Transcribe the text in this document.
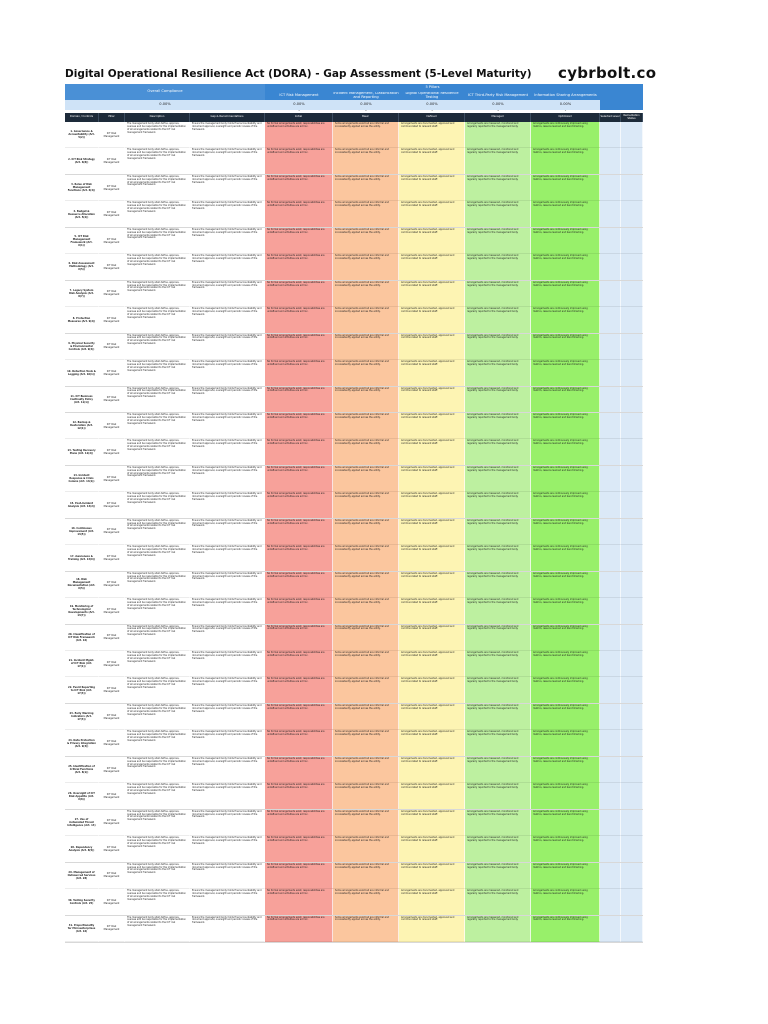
Digital Operational Resilience Act (DORA) - Gap Assessment (5-Level Maturity) cybrbolt.co
Overall Compliance
5 Pillars
ICT Risk Management	Incident Management, Classification and Reporting
Digital Operational Resilience Testing	ICT Third-Party Risk Management	Information Sharing Arrangements
0.00%	0.00%	0.00%	0.00%	0.00%	0.00%
1	2	3	4	5
Domain / Controls	Pillar	Description	Gap & Recommendations	Initial	Basic	Defined	Managed	Optimized	Selected Level	Remediation Status
1. Governance & Accountability (Art. 5(2))
ICT Risk Management
The management body shall define, approve, oversee and be responsible for the implementation of all arrangements related to the ICT risk management framework.
Ensure the management body holds final accountability and document approval, oversight and periodic review of the framework.
No formal arrangements exist; responsibilities are undefined and activities are ad hoc.
Some arrangements exist but are informal and inconsistently applied across the entity.
Arrangements are documented, approved and communicated to relevant staff.
Arrangements are measured, monitored and regularly reported to the management body.
Arrangements are continuously improved using metrics, lessons learned and benchmarking.
2. ICT Risk Strategy (Art. 6(8))
ICT Risk Management
The management body shall define, approve, oversee and be responsible for the implementation of all arrangements related to the ICT risk management framework.
Ensure the management body holds final accountability and document approval, oversight and periodic review of the framework.
No formal arrangements exist; responsibilities are undefined and activities are ad hoc.
Some arrangements exist but are informal and inconsistently applied across the entity.
Arrangements are documented, approved and communicated to relevant staff.
Arrangements are measured, monitored and regularly reported to the management body.
Arrangements are continuously improved using metrics, lessons learned and benchmarking.
3. Roles of Risk Management Functions (Art. 6(4))
ICT Risk Management
The management body shall define, approve, oversee and be responsible for the implementation of all arrangements related to the ICT risk management framework.
Ensure the management body holds final accountability and document approval, oversight and periodic review of the framework.
No formal arrangements exist; responsibilities are undefined and activities are ad hoc.
Some arrangements exist but are informal and inconsistently applied across the entity.
Arrangements are documented, approved and communicated to relevant staff.
Arrangements are measured, monitored and regularly reported to the management body.
Arrangements are continuously improved using metrics, lessons learned and benchmarking.
4. Budget & Resource Allocation (Art. 5(2))
ICT Risk Management
The management body shall define, approve, oversee and be responsible for the implementation of all arrangements related to the ICT risk management framework.
Ensure the management body holds final accountability and document approval, oversight and periodic review of the framework.
No formal arrangements exist; responsibilities are undefined and activities are ad hoc.
Some arrangements exist but are informal and inconsistently applied across the entity.
Arrangements are documented, approved and communicated to relevant staff.
Arrangements are measured, monitored and regularly reported to the management body.
Arrangements are continuously improved using metrics, lessons learned and benchmarking.
5. ICT Risk Management Framework (Art. 6(1))
ICT Risk Management
The management body shall define, approve, oversee and be responsible for the implementation of all arrangements related to the ICT risk management framework.
Ensure the management body holds final accountability and document approval, oversight and periodic review of the framework.
No formal arrangements exist; responsibilities are undefined and activities are ad hoc.
Some arrangements exist but are informal and inconsistently applied across the entity.
Arrangements are documented, approved and communicated to relevant staff.
Arrangements are measured, monitored and regularly reported to the management body.
Arrangements are continuously improved using metrics, lessons learned and benchmarking.
6. Risk Assessment Methodology (Art. 6(5))
ICT Risk Management
The management body shall define, approve, oversee and be responsible for the implementation of all arrangements related to the ICT risk management framework.
Ensure the management body holds final accountability and document approval, oversight and periodic review of the framework.
No formal arrangements exist; responsibilities are undefined and activities are ad hoc.
Some arrangements exist but are informal and inconsistently applied across the entity.
Arrangements are documented, approved and communicated to relevant staff.
Arrangements are measured, monitored and regularly reported to the management body.
Arrangements are continuously improved using metrics, lessons learned and benchmarking.
7. Legacy System Risk Analysis (Art. 8(7))
ICT Risk Management
The management body shall define, approve, oversee and be responsible for the implementation of all arrangements related to the ICT risk management framework.
Ensure the management body holds final accountability and document approval, oversight and periodic review of the framework.
No formal arrangements exist; responsibilities are undefined and activities are ad hoc.
Some arrangements exist but are informal and inconsistently applied across the entity.
Arrangements are documented, approved and communicated to relevant staff.
Arrangements are measured, monitored and regularly reported to the management body.
Arrangements are continuously improved using metrics, lessons learned and benchmarking.
8. Protection Measures (Art. 9(2))
ICT Risk Management
The management body shall define, approve, oversee and be responsible for the implementation of all arrangements related to the ICT risk management framework.
Ensure the management body holds final accountability and document approval, oversight and periodic review of the framework.
No formal arrangements exist; responsibilities are undefined and activities are ad hoc.
Some arrangements exist but are informal and inconsistently applied across the entity.
Arrangements are documented, approved and communicated to relevant staff.
Arrangements are measured, monitored and regularly reported to the management body.
Arrangements are continuously improved using metrics, lessons learned and benchmarking.
9. Physical Security & Environmental Controls (Art. 9(4))
ICT Risk Management
The management body shall define, approve, oversee and be responsible for the implementation of all arrangements related to the ICT risk management framework.
Ensure the management body holds final accountability and document approval, oversight and periodic review of the framework.
No formal arrangements exist; responsibilities are undefined and activities are ad hoc.
Some arrangements exist but are informal and inconsistently applied across the entity.
Arrangements are documented, approved and communicated to relevant staff.
Arrangements are measured, monitored and regularly reported to the management body.
Arrangements are continuously improved using metrics, lessons learned and benchmarking.
10. Detection Tools & Logging (Art. 10(1))
ICT Risk Management
The management body shall define, approve, oversee and be responsible for the implementation of all arrangements related to the ICT risk management framework.
Ensure the management body holds final accountability and document approval, oversight and periodic review of the framework.
No formal arrangements exist; responsibilities are undefined and activities are ad hoc.
Some arrangements exist but are informal and inconsistently applied across the entity.
Arrangements are documented, approved and communicated to relevant staff.
Arrangements are measured, monitored and regularly reported to the management body.
Arrangements are continuously improved using metrics, lessons learned and benchmarking.
11. ICT Business Continuity Policy (Art. 11(1))
ICT Risk Management
The management body shall define, approve, oversee and be responsible for the implementation of all arrangements related to the ICT risk management framework.
Ensure the management body holds final accountability and document approval, oversight and periodic review of the framework.
No formal arrangements exist; responsibilities are undefined and activities are ad hoc.
Some arrangements exist but are informal and inconsistently applied across the entity.
Arrangements are documented, approved and communicated to relevant staff.
Arrangements are measured, monitored and regularly reported to the management body.
Arrangements are continuously improved using metrics, lessons learned and benchmarking.
12. Backup & Restoration (Art. 12(1))
ICT Risk Management
The management body shall define, approve, oversee and be responsible for the implementation of all arrangements related to the ICT risk management framework.
Ensure the management body holds final accountability and document approval, oversight and periodic review of the framework.
No formal arrangements exist; responsibilities are undefined and activities are ad hoc.
Some arrangements exist but are informal and inconsistently applied across the entity.
Arrangements are documented, approved and communicated to relevant staff.
Arrangements are measured, monitored and regularly reported to the management body.
Arrangements are continuously improved using metrics, lessons learned and benchmarking.
13. Testing Recovery Plans (Art. 12(2))
ICT Risk Management
The management body shall define, approve, oversee and be responsible for the implementation of all arrangements related to the ICT risk management framework.
Ensure the management body holds final accountability and document approval, oversight and periodic review of the framework.
No formal arrangements exist; responsibilities are undefined and activities are ad hoc.
Some arrangements exist but are informal and inconsistently applied across the entity.
Arrangements are documented, approved and communicated to relevant staff.
Arrangements are measured, monitored and regularly reported to the management body.
Arrangements are continuously improved using metrics, lessons learned and benchmarking.
14. Incident Response & Crisis Comms (Art. 14(1))
ICT Risk Management
The management body shall define, approve, oversee and be responsible for the implementation of all arrangements related to the ICT risk management framework.
Ensure the management body holds final accountability and document approval, oversight and periodic review of the framework.
No formal arrangements exist; responsibilities are undefined and activities are ad hoc.
Some arrangements exist but are informal and inconsistently applied across the entity.
Arrangements are documented, approved and communicated to relevant staff.
Arrangements are measured, monitored and regularly reported to the management body.
Arrangements are continuously improved using metrics, lessons learned and benchmarking.
15. Post-Incident Analysis (Art. 13(2))
ICT Risk Management
The management body shall define, approve, oversee and be responsible for the implementation of all arrangements related to the ICT risk management framework.
Ensure the management body holds final accountability and document approval, oversight and periodic review of the framework.
No formal arrangements exist; responsibilities are undefined and activities are ad hoc.
Some arrangements exist but are informal and inconsistently applied across the entity.
Arrangements are documented, approved and communicated to relevant staff.
Arrangements are measured, monitored and regularly reported to the management body.
Arrangements are continuously improved using metrics, lessons learned and benchmarking.
16. Continuous Improvement (Art. 13(5))
ICT Risk Management
The management body shall define, approve, oversee and be responsible for the implementation of all arrangements related to the ICT risk management framework.
Ensure the management body holds final accountability and document approval, oversight and periodic review of the framework.
No formal arrangements exist; responsibilities are undefined and activities are ad hoc.
Some arrangements exist but are informal and inconsistently applied across the entity.
Arrangements are documented, approved and communicated to relevant staff.
Arrangements are measured, monitored and regularly reported to the management body.
Arrangements are continuously improved using metrics, lessons learned and benchmarking.
17. Awareness & Training (Art. 13(6))
ICT Risk Management
The management body shall define, approve, oversee and be responsible for the implementation of all arrangements related to the ICT risk management framework.
Ensure the management body holds final accountability and document approval, oversight and periodic review of the framework.
No formal arrangements exist; responsibilities are undefined and activities are ad hoc.
Some arrangements exist but are informal and inconsistently applied across the entity.
Arrangements are documented, approved and communicated to relevant staff.
Arrangements are measured, monitored and regularly reported to the management body.
Arrangements are continuously improved using metrics, lessons learned and benchmarking.
18. Risk Management Documentation (Art. 6(5))
ICT Risk Management
The management body shall define, approve, oversee and be responsible for the implementation of all arrangements related to the ICT risk management framework.
Ensure the management body holds final accountability and document approval, oversight and periodic review of the framework.
No formal arrangements exist; responsibilities are undefined and activities are ad hoc.
Some arrangements exist but are informal and inconsistently applied across the entity.
Arrangements are documented, approved and communicated to relevant staff.
Arrangements are measured, monitored and regularly reported to the management body.
Arrangements are continuously improved using metrics, lessons learned and benchmarking.
19. Monitoring of Technological Developments (Art. 13(7))
ICT Risk Management
The management body shall define, approve, oversee and be responsible for the implementation of all arrangements related to the ICT risk management framework.
Ensure the management body holds final accountability and document approval, oversight and periodic review of the framework.
No formal arrangements exist; responsibilities are undefined and activities are ad hoc.
Some arrangements exist but are informal and inconsistently applied across the entity.
Arrangements are documented, approved and communicated to relevant staff.
Arrangements are measured, monitored and regularly reported to the management body.
Arrangements are continuously improved using metrics, lessons learned and benchmarking.
20. Classification of ICT Risk Framework (Art. 16)
ICT Risk Management
The management body shall define, approve, oversee and be responsible for the implementation of all arrangements related to the ICT risk management framework.
Ensure the management body holds final accountability and document approval, oversight and periodic review of the framework.
No formal arrangements exist; responsibilities are undefined and activities are ad hoc.
Some arrangements exist but are informal and inconsistently applied across the entity.
Arrangements are documented, approved and communicated to relevant staff.
Arrangements are measured, monitored and regularly reported to the management body.
Arrangements are continuously improved using metrics, lessons learned and benchmarking.
21. Incident Mgmt. of ICT Risk (Art. 17(1))
ICT Risk Management
The management body shall define, approve, oversee and be responsible for the implementation of all arrangements related to the ICT risk management framework.
Ensure the management body holds final accountability and document approval, oversight and periodic review of the framework.
No formal arrangements exist; responsibilities are undefined and activities are ad hoc.
Some arrangements exist but are informal and inconsistently applied across the entity.
Arrangements are documented, approved and communicated to relevant staff.
Arrangements are measured, monitored and regularly reported to the management body.
Arrangements are continuously improved using metrics, lessons learned and benchmarking.
22. Event Reporting to ICT Risk (Art. 17(3))
ICT Risk Management
The management body shall define, approve, oversee and be responsible for the implementation of all arrangements related to the ICT risk management framework.
Ensure the management body holds final accountability and document approval, oversight and periodic review of the framework.
No formal arrangements exist; responsibilities are undefined and activities are ad hoc.
Some arrangements exist but are informal and inconsistently applied across the entity.
Arrangements are documented, approved and communicated to relevant staff.
Arrangements are measured, monitored and regularly reported to the management body.
Arrangements are continuously improved using metrics, lessons learned and benchmarking.
23. Early Warning Indicators (Art. 17(3))
ICT Risk Management
The management body shall define, approve, oversee and be responsible for the implementation of all arrangements related to the ICT risk management framework.
Ensure the management body holds final accountability and document approval, oversight and periodic review of the framework.
No formal arrangements exist; responsibilities are undefined and activities are ad hoc.
Some arrangements exist but are informal and inconsistently applied across the entity.
Arrangements are documented, approved and communicated to relevant staff.
Arrangements are measured, monitored and regularly reported to the management body.
Arrangements are continuously improved using metrics, lessons learned and benchmarking.
24. Data Protection & Privacy Integration (Art. 9(3))
ICT Risk Management
The management body shall define, approve, oversee and be responsible for the implementation of all arrangements related to the ICT risk management framework.
Ensure the management body holds final accountability and document approval, oversight and periodic review of the framework.
No formal arrangements exist; responsibilities are undefined and activities are ad hoc.
Some arrangements exist but are informal and inconsistently applied across the entity.
Arrangements are documented, approved and communicated to relevant staff.
Arrangements are measured, monitored and regularly reported to the management body.
Arrangements are continuously improved using metrics, lessons learned and benchmarking.
25. Identification of Critical Functions (Art. 8(1))
ICT Risk Management
The management body shall define, approve, oversee and be responsible for the implementation of all arrangements related to the ICT risk management framework.
Ensure the management body holds final accountability and document approval, oversight and periodic review of the framework.
No formal arrangements exist; responsibilities are undefined and activities are ad hoc.
Some arrangements exist but are informal and inconsistently applied across the entity.
Arrangements are documented, approved and communicated to relevant staff.
Arrangements are measured, monitored and regularly reported to the management body.
Arrangements are continuously improved using metrics, lessons learned and benchmarking.
26. Oversight of ICT Risk Appetite (Art. 6(8))
ICT Risk Management
The management body shall define, approve, oversee and be responsible for the implementation of all arrangements related to the ICT risk management framework.
Ensure the management body holds final accountability and document approval, oversight and periodic review of the framework.
No formal arrangements exist; responsibilities are undefined and activities are ad hoc.
Some arrangements exist but are informal and inconsistently applied across the entity.
Arrangements are documented, approved and communicated to relevant staff.
Arrangements are measured, monitored and regularly reported to the management body.
Arrangements are continuously improved using metrics, lessons learned and benchmarking.
27. Use of Automated Threat Intelligence (Art. 13)
ICT Risk Management
The management body shall define, approve, oversee and be responsible for the implementation of all arrangements related to the ICT risk management framework.
Ensure the management body holds final accountability and document approval, oversight and periodic review of the framework.
No formal arrangements exist; responsibilities are undefined and activities are ad hoc.
Some arrangements exist but are informal and inconsistently applied across the entity.
Arrangements are documented, approved and communicated to relevant staff.
Arrangements are measured, monitored and regularly reported to the management body.
Arrangements are continuously improved using metrics, lessons learned and benchmarking.
28. Dependency Analysis (Art. 8(5))
ICT Risk Management
The management body shall define, approve, oversee and be responsible for the implementation of all arrangements related to the ICT risk management framework.
Ensure the management body holds final accountability and document approval, oversight and periodic review of the framework.
No formal arrangements exist; responsibilities are undefined and activities are ad hoc.
Some arrangements exist but are informal and inconsistently applied across the entity.
Arrangements are documented, approved and communicated to relevant staff.
Arrangements are measured, monitored and regularly reported to the management body.
Arrangements are continuously improved using metrics, lessons learned and benchmarking.
29. Management of Outsourced Services (Art. 28)
ICT Risk Management
The management body shall define, approve, oversee and be responsible for the implementation of all arrangements related to the ICT risk management framework.
Ensure the management body holds final accountability and document approval, oversight and periodic review of the framework.
No formal arrangements exist; responsibilities are undefined and activities are ad hoc.
Some arrangements exist but are informal and inconsistently applied across the entity.
Arrangements are documented, approved and communicated to relevant staff.
Arrangements are measured, monitored and regularly reported to the management body.
Arrangements are continuously improved using metrics, lessons learned and benchmarking.
30. Testing Security Controls (Art. 25)
ICT Risk Management
The management body shall define, approve, oversee and be responsible for the implementation of all arrangements related to the ICT risk management framework.
Ensure the management body holds final accountability and document approval, oversight and periodic review of the framework.
No formal arrangements exist; responsibilities are undefined and activities are ad hoc.
Some arrangements exist but are informal and inconsistently applied across the entity.
Arrangements are documented, approved and communicated to relevant staff.
Arrangements are measured, monitored and regularly reported to the management body.
Arrangements are continuously improved using metrics, lessons learned and benchmarking.
31. Proportionality for Microenterprises (Art. 16)
ICT Risk Management
The management body shall define, approve, oversee and be responsible for the implementation of all arrangements related to the ICT risk management framework.
Ensure the management body holds final accountability and document approval, oversight and periodic review of the framework.
No formal arrangements exist; responsibilities are undefined and activities are ad hoc.
Some arrangements exist but are informal and inconsistently applied across the entity.
Arrangements are documented, approved and communicated to relevant staff.
Arrangements are measured, monitored and regularly reported to the management body.
Arrangements are continuously improved using metrics, lessons learned and benchmarking.
